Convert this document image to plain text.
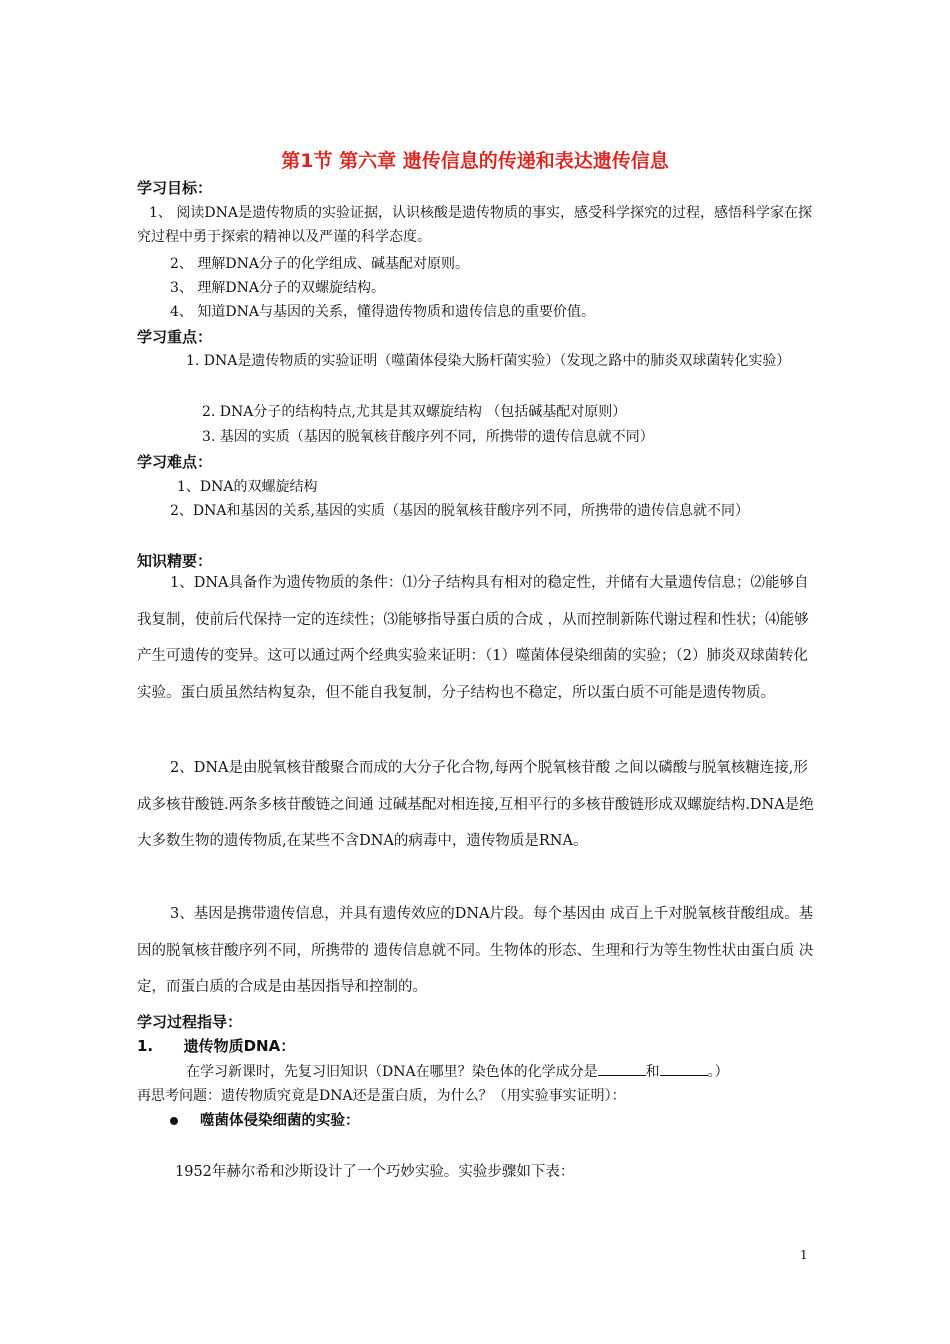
第1节 第六章 遗传信息的传递和表达遗传信息
学习目标：
1、 阅读DNA是遗传物质的实验证据，认识核酸是遗传物质的事实，感受科学探究的过程，感悟科学家在探究过程中勇于探索的精神以及严谨的科学态度。
2、 理解DNA分子的化学组成、碱基配对原则。
3、 理解DNA分子的双螺旋结构。
4、 知道DNA与基因的关系，懂得遗传物质和遗传信息的重要价值。
学习重点：
1. DNA是遗传物质的实验证明（噬菌体侵染大肠杆菌实验）（发现之路中的肺炎双球菌转化实验）
2. DNA分子的结构特点,尤其是其双螺旋结构 （包括碱基配对原则）
3. 基因的实质（基因的脱氧核苷酸序列不同，所携带的遗传信息就不同）
学习难点：
1、DNA的双螺旋结构
2、DNA和基因的关系,基因的实质（基因的脱氧核苷酸序列不同，所携带的遗传信息就不同）
知识精要：
1、DNA具备作为遗传物质的条件：⑴分子结构具有相对的稳定性，并储有大量遗传信息；⑵能够自我复制，使前后代保持一定的连续性；⑶能够指导蛋白质的合成 ，从而控制新陈代谢过程和性状；⑷能够产生可遗传的变异。这可以通过两个经典实验来证明：（1）噬菌体侵染细菌的实验；（2）肺炎双球菌转化实验。蛋白质虽然结构复杂，但不能自我复制，分子结构也不稳定，所以蛋白质不可能是遗传物质。
2、DNA是由脱氧核苷酸聚合而成的大分子化合物,每两个脱氧核苷酸 之间以磷酸与脱氧核糖连接,形成多核苷酸链.两条多核苷酸链之间通 过碱基配对相连接,互相平行的多核苷酸链形成双螺旋结构.DNA是绝 大多数生物的遗传物质,在某些不含DNA的病毒中，遗传物质是RNA。
3、基因是携带遗传信息，并具有遗传效应的DNA片段。每个基因由 成百上千对脱氧核苷酸组成。基因的脱氧核苷酸序列不同，所携带的 遗传信息就不同。生物体的形态、生理和行为等生物性状由蛋白质 决定，而蛋白质的合成是由基因指导和控制的。
学习过程指导：
1. 遗传物质DNA：
在学习新课时，先复习旧知识（DNA在哪里？染色体的化学成分是	和	。）
再思考问题：遗传物质究竟是DNA还是蛋白质，为什么？（用实验事实证明）：
噬菌体侵染细菌的实验：
1952年赫尔希和沙斯设计了一个巧妙实验。实验步骤如下表：
1
